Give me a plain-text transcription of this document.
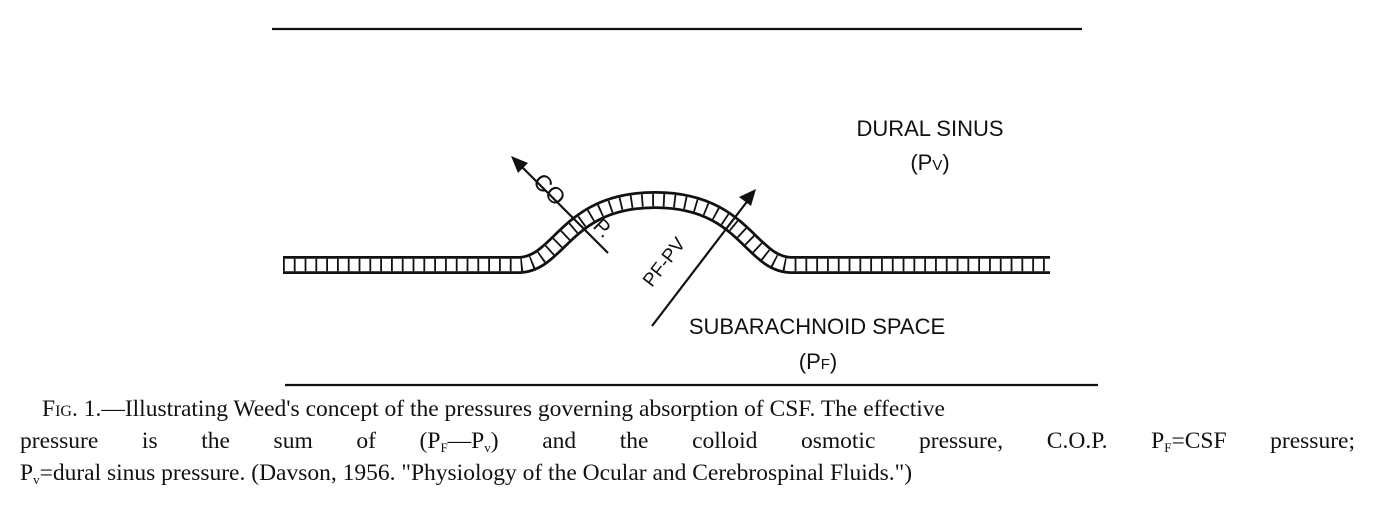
DURAL SINUS
(PV)
SUBARACHNOID SPACE
(PF)
CO
P.
PF-PV
Fig. 1.—Illustrating Weed's concept of the pressures governing absorption of CSF. The effective
pressure is the sum of $(P_F—P_v)$ and the colloid osmotic pressure, C.O.P. $P_F=CSF$ pressure;
$P_v=dural$ sinus pressure. (Davson, 1956. "Physiology of the Ocular and Cerebrospinal Fluids.")
